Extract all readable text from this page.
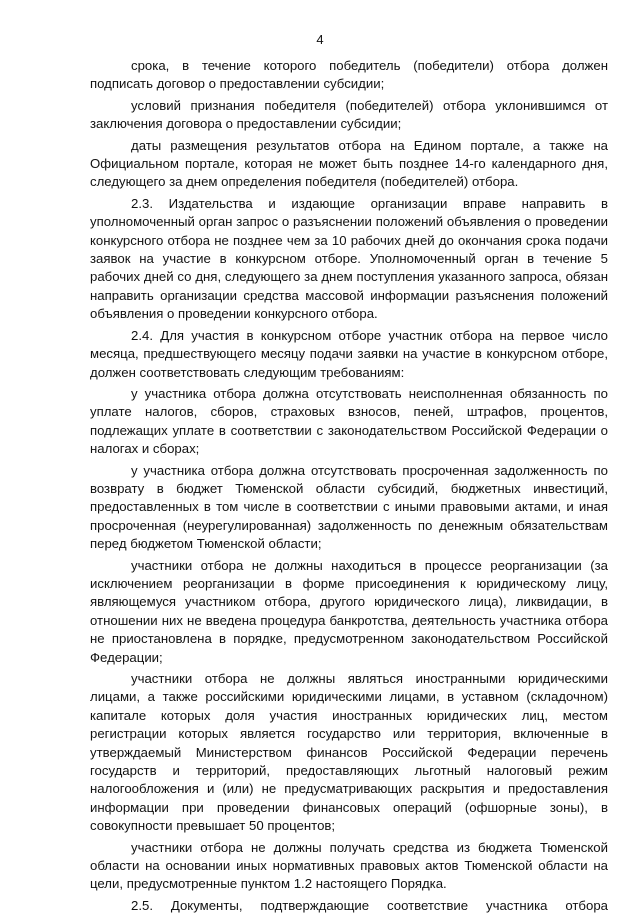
4

срока, в течение которого победитель (победители) отбора должен подписать договор о предоставлении субсидии;

условий признания победителя (победителей) отбора уклонившимся от заключения договора о предоставлении субсидии;

даты размещения результатов отбора на Едином портале, а также на Официальном портале, которая не может быть позднее 14-го календарного дня, следующего за днем определения победителя (победителей) отбора.

2.3. Издательства и издающие организации вправе направить в уполномоченный орган запрос о разъяснении положений объявления о проведении конкурсного отбора не позднее чем за 10 рабочих дней до окончания срока подачи заявок на участие в конкурсном отборе. Уполномоченный орган в течение 5 рабочих дней со дня, следующего за днем поступления указанного запроса, обязан направить организации средства массовой информации разъяснения положений объявления о проведении конкурсного отбора.

2.4. Для участия в конкурсном отборе участник отбора на первое число месяца, предшествующего месяцу подачи заявки на участие в конкурсном отборе, должен соответствовать следующим требованиям:

у участника отбора должна отсутствовать неисполненная обязанность по уплате налогов, сборов, страховых взносов, пеней, штрафов, процентов, подлежащих уплате в соответствии с законодательством Российской Федерации о налогах и сборах;

у участника отбора должна отсутствовать просроченная задолженность по возврату в бюджет Тюменской области субсидий, бюджетных инвестиций, предоставленных в том числе в соответствии с иными правовыми актами, и иная просроченная (неурегулированная) задолженность по денежным обязательствам перед бюджетом Тюменской области;

участники отбора не должны находиться в процессе реорганизации (за исключением реорганизации в форме присоединения к юридическому лицу, являющемуся участником отбора, другого юридического лица), ликвидации, в отношении них не введена процедура банкротства, деятельность участника отбора не приостановлена в порядке, предусмотренном законодательством Российской Федерации;

участники отбора не должны являться иностранными юридическими лицами, а также российскими юридическими лицами, в уставном (складочном) капитале которых доля участия иностранных юридических лиц, местом регистрации которых является государство или территория, включенные в утверждаемый Министерством финансов Российской Федерации перечень государств и территорий, предоставляющих льготный налоговый режим налогообложения и (или) не предусматривающих раскрытия и предоставления информации при проведении финансовых операций (офшорные зоны), в совокупности превышает 50 процентов;

участники отбора не должны получать средства из бюджета Тюменской области на основании иных нормативных правовых актов Тюменской области на цели, предусмотренные пунктом 1.2 настоящего Порядка.

2.5. Документы, подтверждающие соответствие участника отбора
